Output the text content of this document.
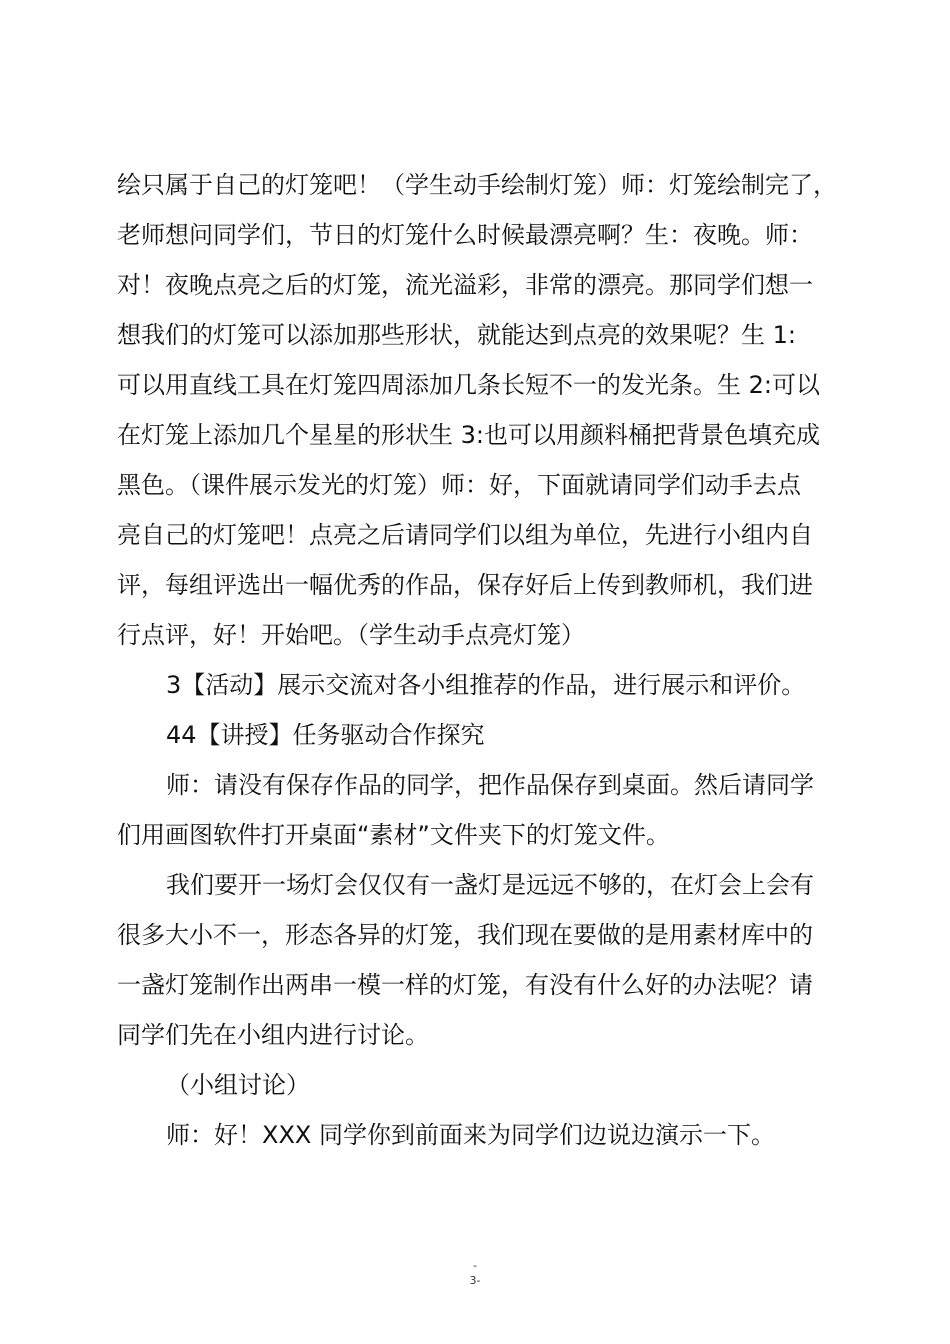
绘只属于自己的灯笼吧！（学生动手绘制灯笼）师：灯笼绘制完了，
老师想问同学们，节日的灯笼什么时候最漂亮啊？生：夜晚。师：
对！夜晚点亮之后的灯笼，流光溢彩，非常的漂亮。那同学们想一
想我们的灯笼可以添加那些形状，就能达到点亮的效果呢？生 1:
可以用直线工具在灯笼四周添加几条长短不一的发光条。生 2:可以
在灯笼上添加几个星星的形状生 3:也可以用颜料桶把背景色填充成
黑色。（课件展示发光的灯笼）师：好，下面就请同学们动手去点
亮自己的灯笼吧！点亮之后请同学们以组为单位，先进行小组内自
评，每组评选出一幅优秀的作品，保存好后上传到教师机，我们进
行点评，好！开始吧。（学生动手点亮灯笼）
3【活动】展示交流对各小组推荐的作品，进行展示和评价。
44【讲授】任务驱动合作探究
师：请没有保存作品的同学，把作品保存到桌面。然后请同学
们用画图软件打开桌面“素材”文件夹下的灯笼文件。
我们要开一场灯会仅仅有一盏灯是远远不够的，在灯会上会有
很多大小不一，形态各异的灯笼，我们现在要做的是用素材库中的
一盏灯笼制作出两串一模一样的灯笼，有没有什么好的办法呢？请
同学们先在小组内进行讨论。
（小组讨论）
师：好！XXX 同学你到前面来为同学们边说边演示一下。
-
3-
